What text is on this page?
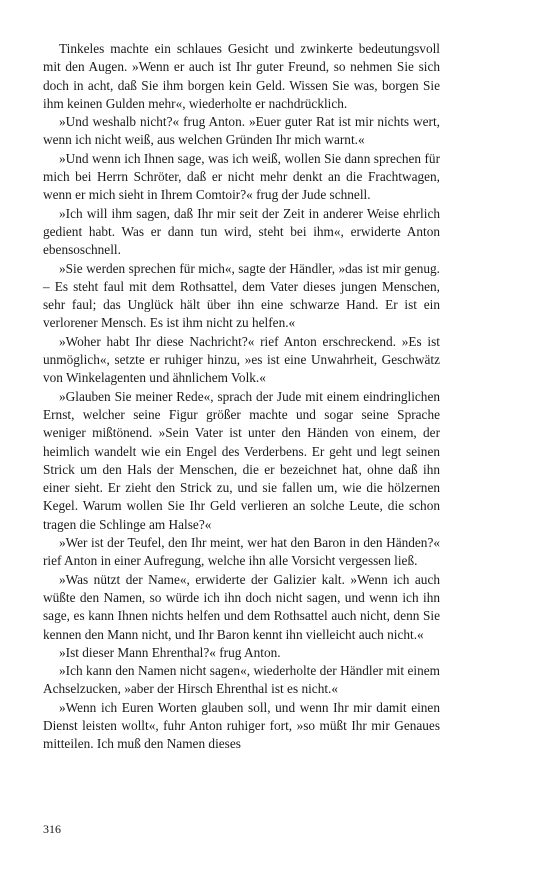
Tinkeles machte ein schlaues Gesicht und zwinkerte bedeutungsvoll mit den Augen. »Wenn er auch ist Ihr guter Freund, so nehmen Sie sich doch in acht, daß Sie ihm borgen kein Geld. Wissen Sie was, borgen Sie ihm keinen Gulden mehr«, wiederholte er nachdrücklich.

»Und weshalb nicht?« frug Anton. »Euer guter Rat ist mir nichts wert, wenn ich nicht weiß, aus welchen Gründen Ihr mich warnt.«

»Und wenn ich Ihnen sage, was ich weiß, wollen Sie dann sprechen für mich bei Herrn Schröter, daß er nicht mehr denkt an die Frachtwagen, wenn er mich sieht in Ihrem Comtoir?« frug der Jude schnell.

»Ich will ihm sagen, daß Ihr mir seit der Zeit in anderer Weise ehrlich gedient habt. Was er dann tun wird, steht bei ihm«, erwiderte Anton ebensoschnell.

»Sie werden sprechen für mich«, sagte der Händler, »das ist mir genug. – Es steht faul mit dem Rothsattel, dem Vater dieses jungen Menschen, sehr faul; das Unglück hält über ihn eine schwarze Hand. Er ist ein verlorener Mensch. Es ist ihm nicht zu helfen.«

»Woher habt Ihr diese Nachricht?« rief Anton erschreckend. »Es ist unmöglich«, setzte er ruhiger hinzu, »es ist eine Unwahrheit, Geschwätz von Winkelagenten und ähnlichem Volk.«

»Glauben Sie meiner Rede«, sprach der Jude mit einem eindringlichen Ernst, welcher seine Figur größer machte und sogar seine Sprache weniger mißtönend. »Sein Vater ist unter den Händen von einem, der heimlich wandelt wie ein Engel des Verderbens. Er geht und legt seinen Strick um den Hals der Menschen, die er bezeichnet hat, ohne daß ihn einer sieht. Er zieht den Strick zu, und sie fallen um, wie die hölzernen Kegel. Warum wollen Sie Ihr Geld verlieren an solche Leute, die schon tragen die Schlinge am Halse?«

»Wer ist der Teufel, den Ihr meint, wer hat den Baron in den Händen?« rief Anton in einer Aufregung, welche ihn alle Vorsicht vergessen ließ.

»Was nützt der Name«, erwiderte der Galizier kalt. »Wenn ich auch wüßte den Namen, so würde ich ihn doch nicht sagen, und wenn ich ihn sage, es kann Ihnen nichts helfen und dem Rothsattel auch nicht, denn Sie kennen den Mann nicht, und Ihr Baron kennt ihn vielleicht auch nicht.«

»Ist dieser Mann Ehrenthal?« frug Anton.

»Ich kann den Namen nicht sagen«, wiederholte der Händler mit einem Achselzucken, »aber der Hirsch Ehrenthal ist es nicht.«

»Wenn ich Euren Worten glauben soll, und wenn Ihr mir damit einen Dienst leisten wollt«, fuhr Anton ruhiger fort, »so müßt Ihr mir Genaues mitteilen. Ich muß den Namen dieses

316
